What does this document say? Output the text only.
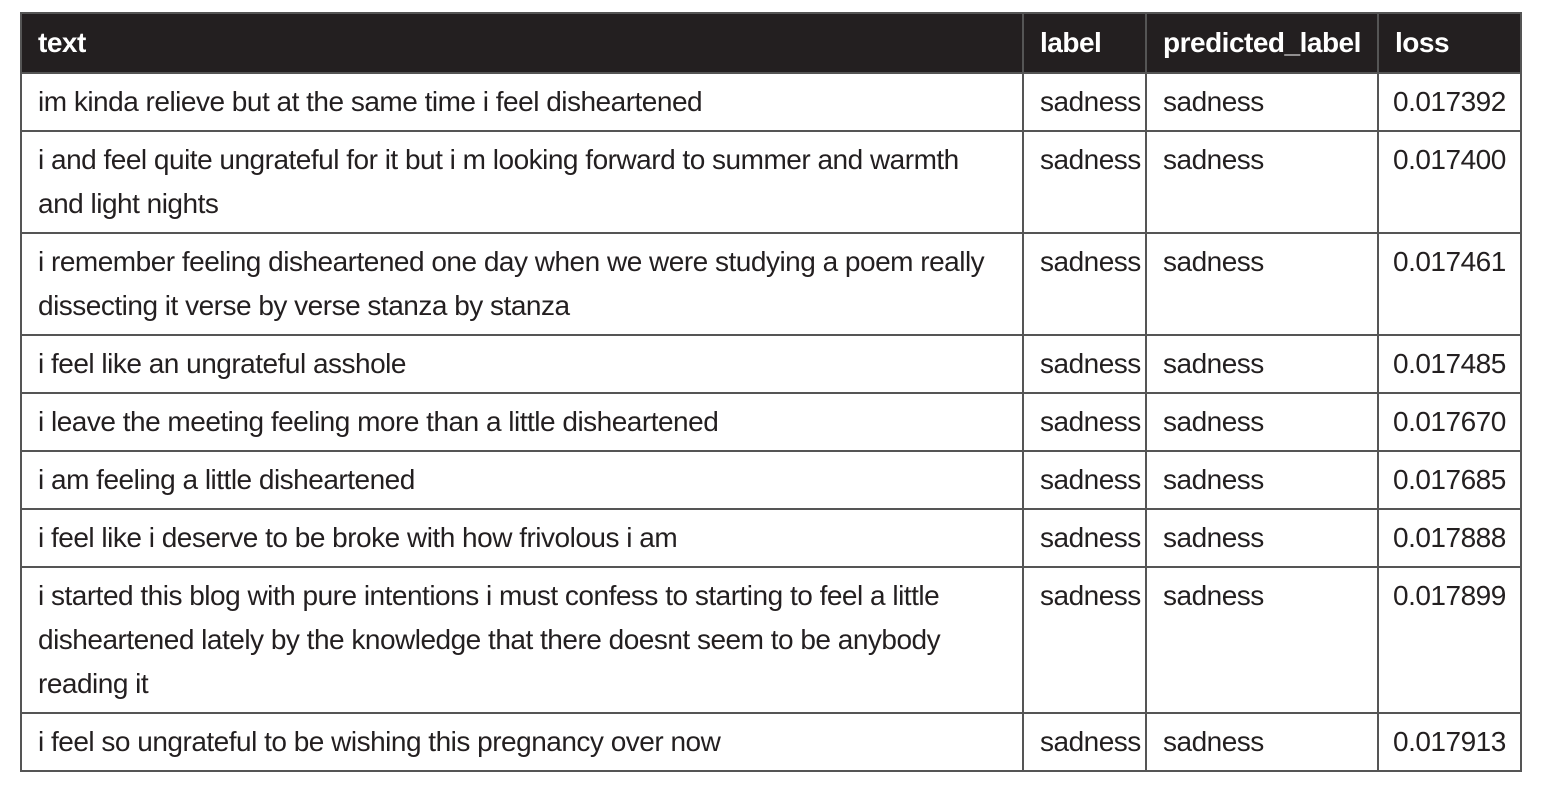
text	label	predicted_label	loss
im kinda relieve but at the same time i feel disheartened	sadness	sadness	0.017392
i and feel quite ungrateful for it but i m looking forward to summer and warmth and light nights	sadness	sadness	0.017400
i remember feeling disheartened one day when we were studying a poem really dissecting it verse by verse stanza by stanza	sadness	sadness	0.017461
i feel like an ungrateful asshole	sadness	sadness	0.017485
i leave the meeting feeling more than a little disheartened	sadness	sadness	0.017670
i am feeling a little disheartened	sadness	sadness	0.017685
i feel like i deserve to be broke with how frivolous i am	sadness	sadness	0.017888
i started this blog with pure intentions i must confess to starting to feel a little disheartened lately by the knowledge that there doesnt seem to be anybody reading it	sadness	sadness	0.017899
i feel so ungrateful to be wishing this pregnancy over now	sadness	sadness	0.017913
